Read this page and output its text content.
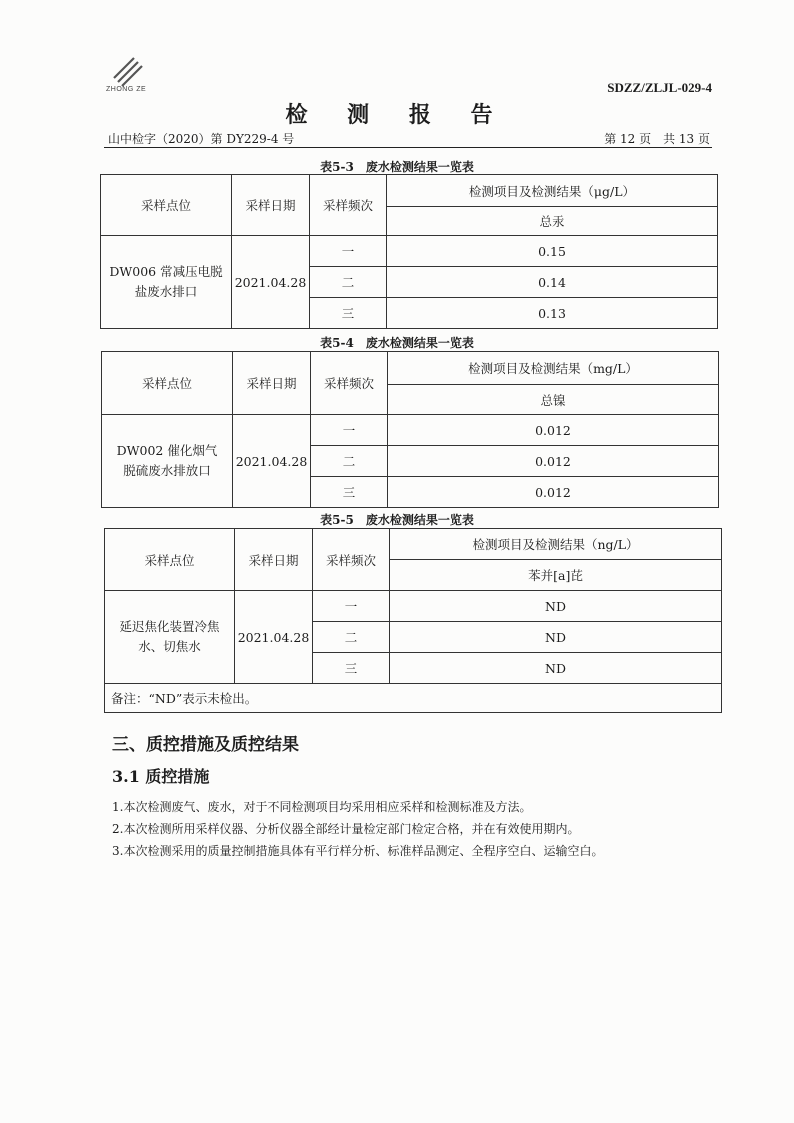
ZHONG ZE	SDZZ/ZLJL-029-4
检 测 报 告
山中检字（2020）第 DY229-4 号	第 12 页　共 13 页
表5-3　废水检测结果一览表
采样点位	采样日期	采样频次	检测项目及检测结果（μg/L）
			总汞
DW006 常减压电脱盐废水排口	2021.04.28	一	0.15
		二	0.14
		三	0.13
表5-4　废水检测结果一览表
采样点位	采样日期	采样频次	检测项目及检测结果（mg/L）
			总镍
DW002 催化烟气脱硫废水排放口	2021.04.28	一	0.012
		二	0.012
		三	0.012
表5-5　废水检测结果一览表
采样点位	采样日期	采样频次	检测项目及检测结果（ng/L）
			苯并[a]芘
延迟焦化装置冷焦水、切焦水	2021.04.28	一	ND
		二	ND
		三	ND
备注：“ND”表示未检出。			
三、质控措施及质控结果
3.1 质控措施
1.本次检测废气、废水，对于不同检测项目均采用相应采样和检测标准及方法。
2.本次检测所用采样仪器、分析仪器全部经计量检定部门检定合格，并在有效使用期内。
3.本次检测采用的质量控制措施具体有平行样分析、标准样品测定、全程序空白、运输空白。
